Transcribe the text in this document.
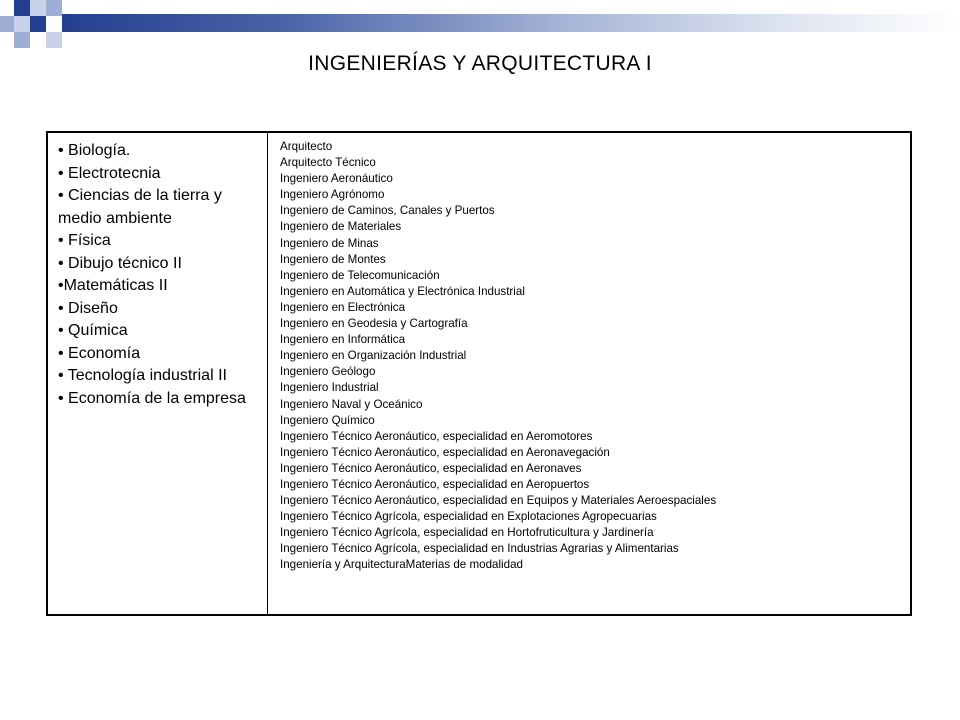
INGENIERÍAS Y ARQUITECTURA I
• Biología.
• Electrotecnia
• Ciencias de la tierra y medio ambiente
• Física
• Dibujo técnico II
•Matemáticas II
• Diseño
• Química
• Economía
• Tecnología industrial II
• Economía de la empresa
Arquitecto
Arquitecto Técnico
Ingeniero Aeronáutico
Ingeniero Agrónomo
Ingeniero de Caminos, Canales y Puertos
Ingeniero de Materiales
Ingeniero de Minas
Ingeniero de Montes
Ingeniero de Telecomunicación
Ingeniero en Automática y Electrónica Industrial
Ingeniero en Electrónica
Ingeniero en Geodesia y Cartografía
Ingeniero en Informática
Ingeniero en Organización Industrial
Ingeniero Geólogo
Ingeniero Industrial
Ingeniero Naval y Oceánico
Ingeniero Químico
Ingeniero Técnico Aeronáutico, especialidad en Aeromotores
Ingeniero Técnico Aeronáutico, especialidad en Aeronavegación
Ingeniero Técnico Aeronáutico, especialidad en Aeronaves
Ingeniero Técnico Aeronáutico, especialidad en Aeropuertos
Ingeniero Técnico Aeronáutico, especialidad en Equipos y Materiales Aeroespaciales
Ingeniero Técnico Agrícola, especialidad en Explotaciones Agropecuarias
Ingeniero Técnico Agrícola, especialidad en Hortofruticultura y Jardinería
Ingeniero Técnico Agrícola, especialidad en Industrias Agrarias y Alimentarias
Ingeniería y ArquitecturaMaterias de modalidad
